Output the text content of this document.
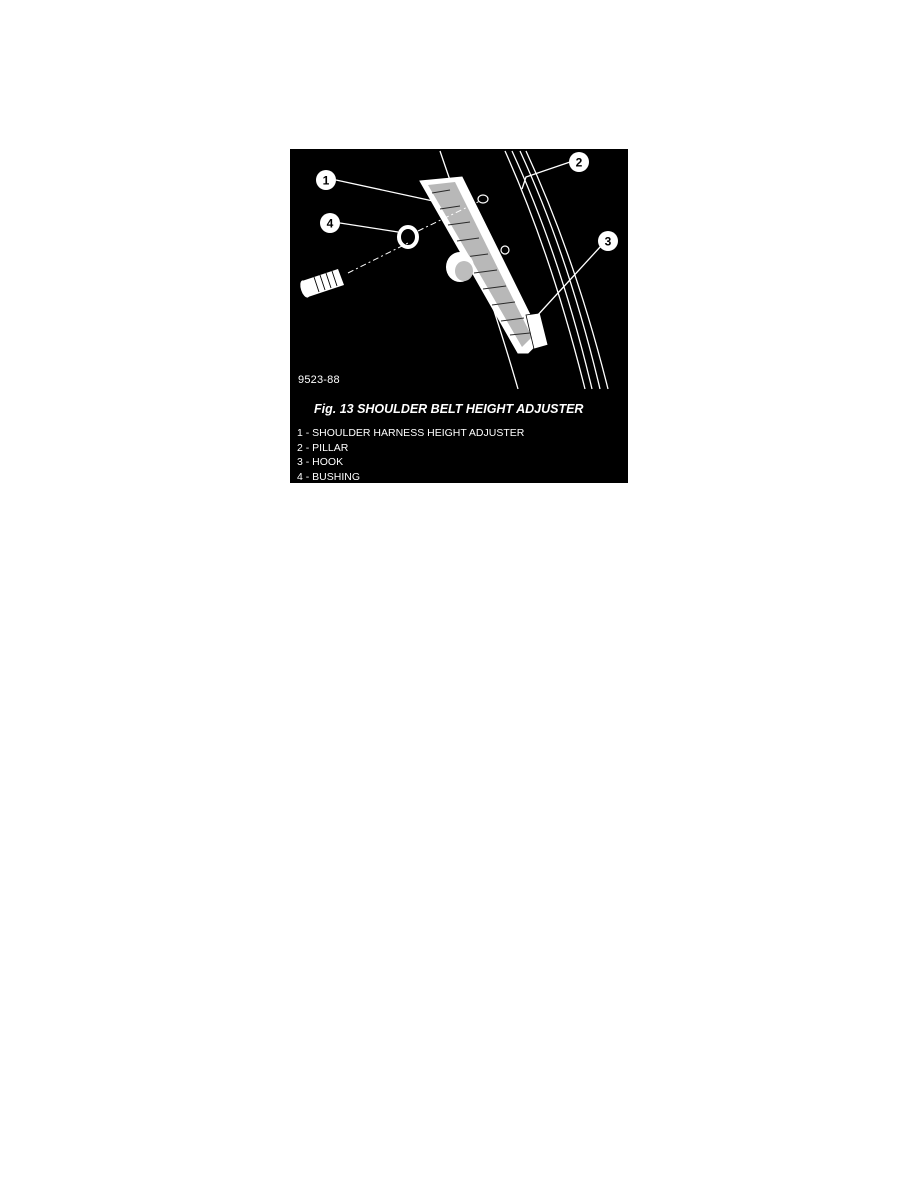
1
2
3
4
9523-88
Fig. 13 SHOULDER BELT HEIGHT ADJUSTER
1 - SHOULDER HARNESS HEIGHT ADJUSTER
2 - PILLAR
3 - HOOK
4 - BUSHING
